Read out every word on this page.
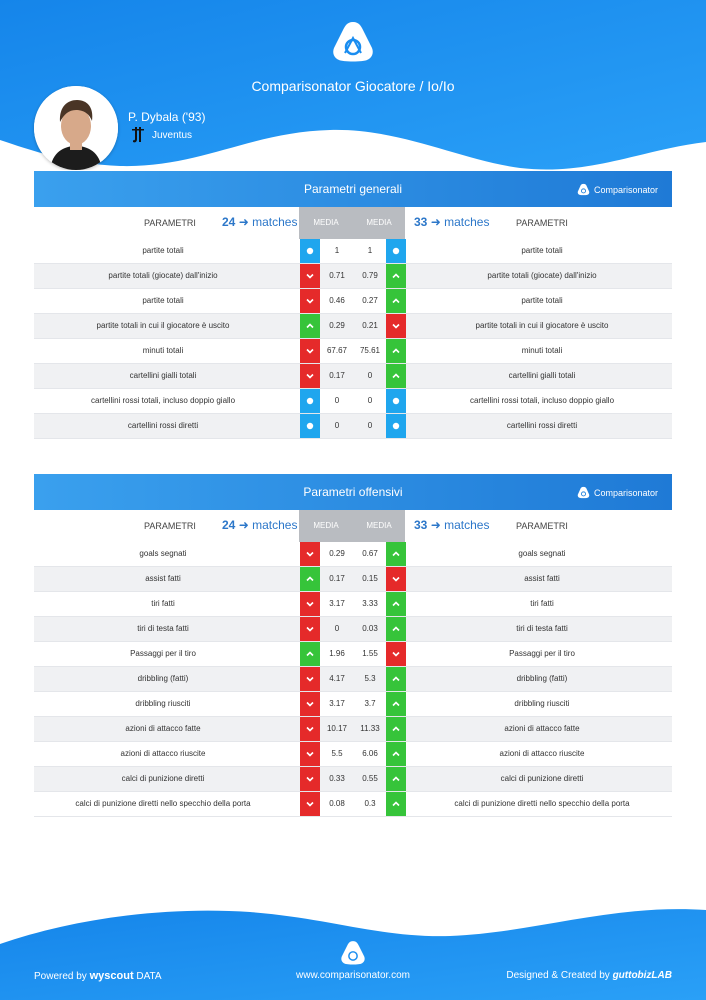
Comparisonator Giocatore / Io/Io
P. Dybala ('93)
Juventus
Parametri generali	Comparisonator
PARAMETRI 24 ➜ matches	MEDIA	MEDIA	33 ➜ matches	PARAMETRI
partite totali	1	1	partite totali
partite totali (giocate) dall'inizio	0.71	0.79	partite totali (giocate) dall'inizio
partite totali	0.46	0.27	partite totali
partite totali in cui il giocatore è uscito	0.29	0.21	partite totali in cui il giocatore è uscito
minuti totali	67.67	75.61	minuti totali
cartellini gialli totali	0.17	0	cartellini gialli totali
cartellini rossi totali, incluso doppio giallo	0	0	cartellini rossi totali, incluso doppio giallo
cartellini rossi diretti	0	0	cartellini rossi diretti
Parametri offensivi	Comparisonator
PARAMETRI 24 ➜ matches	MEDIA	MEDIA	33 ➜ matches	PARAMETRI
goals segnati	0.29	0.67	goals segnati
assist fatti	0.17	0.15	assist fatti
tiri fatti	3.17	3.33	tiri fatti
tiri di testa fatti	0	0.03	tiri di testa fatti
Passaggi per il tiro	1.96	1.55	Passaggi per il tiro
dribbling (fatti)	4.17	5.3	dribbling (fatti)
dribbling riusciti	3.17	3.7	dribbling riusciti
azioni di attacco fatte	10.17	11.33	azioni di attacco fatte
azioni di attacco riuscite	5.5	6.06	azioni di attacco riuscite
calci di punizione diretti	0.33	0.55	calci di punizione diretti
calci di punizione diretti nello specchio della porta	0.08	0.3	calci di punizione diretti nello specchio della porta
Powered by wyscout DATA	www.comparisonator.com	Designed & Created by guttobizLAB
